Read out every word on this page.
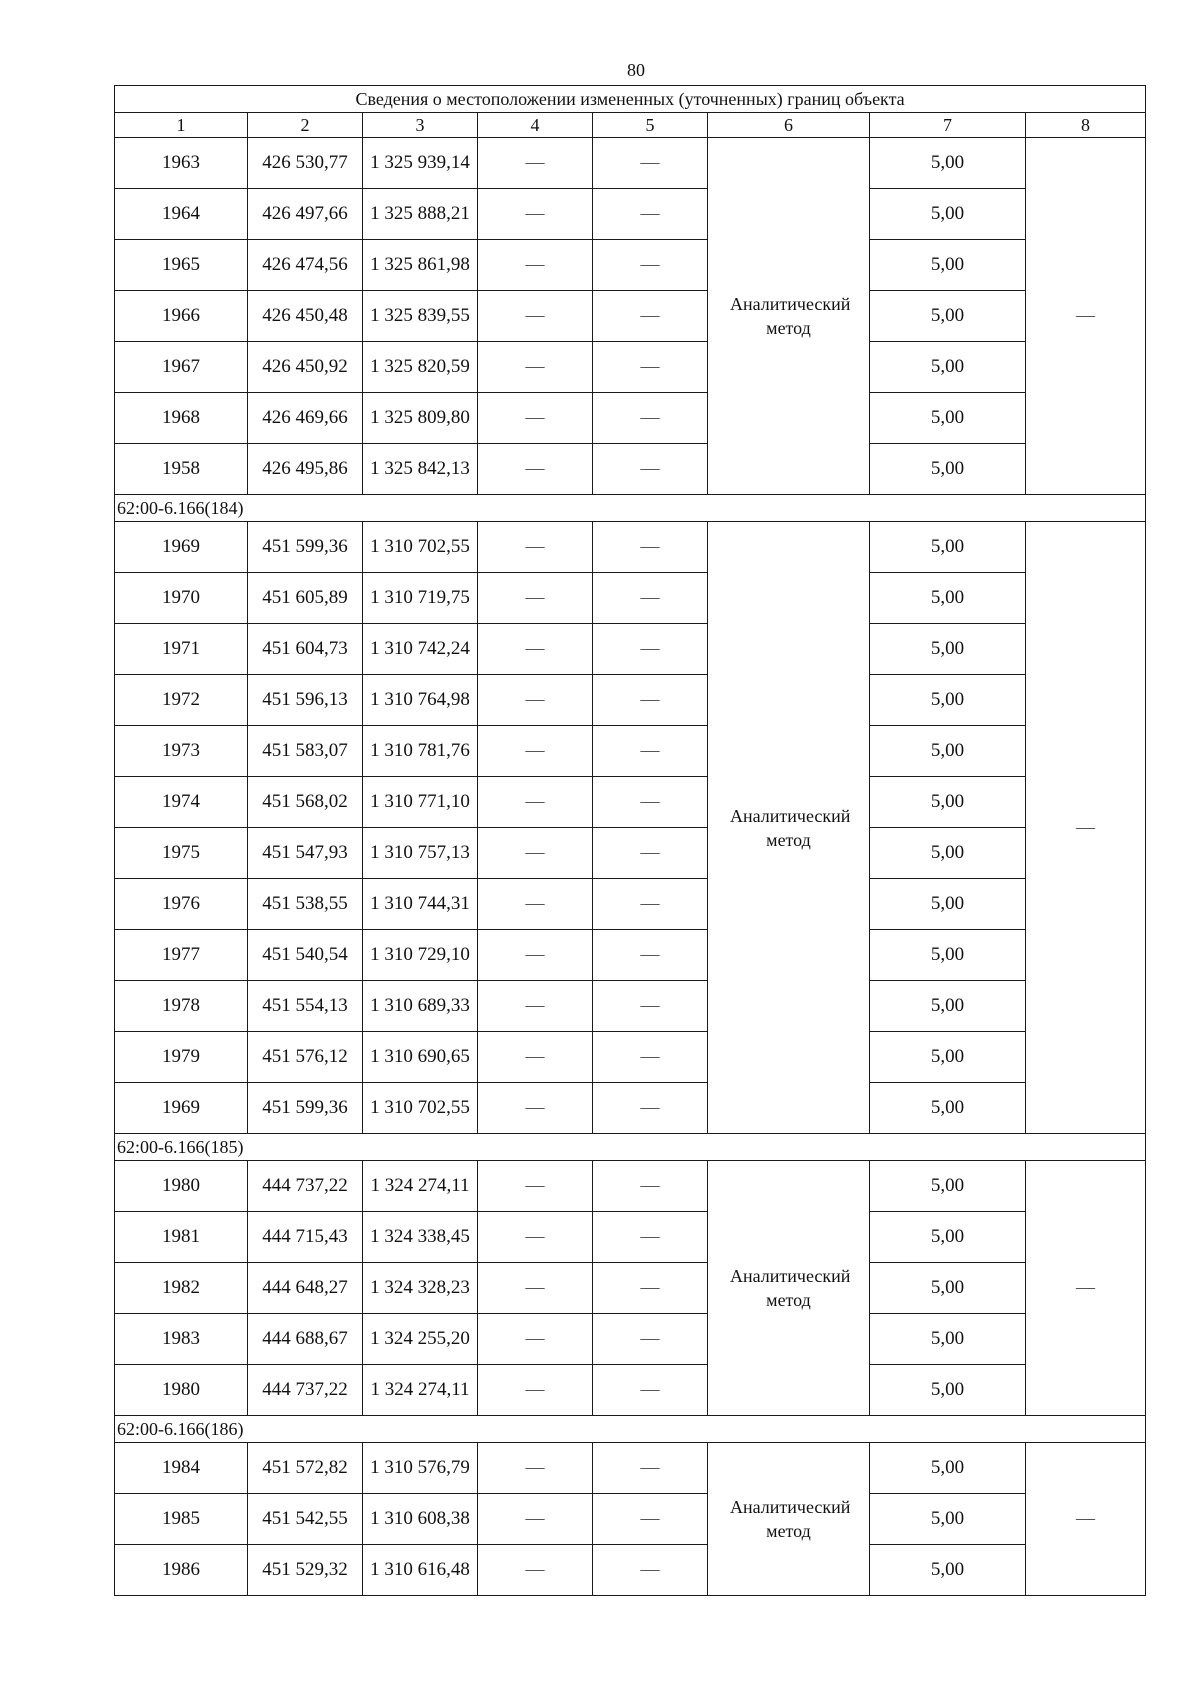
80
Сведения о местоположении измененных (уточненных) границ объекта							
1	2	3	4	5	6	7	8
1963	426 530,77	1 325 939,14	—	—	Аналитический метод	5,00	—
1964	426 497,66	1 325 888,21	—	—		5,00	
1965	426 474,56	1 325 861,98	—	—		5,00	
1966	426 450,48	1 325 839,55	—	—		5,00	
1967	426 450,92	1 325 820,59	—	—		5,00	
1968	426 469,66	1 325 809,80	—	—		5,00	
1958	426 495,86	1 325 842,13	—	—		5,00	
62:00-6.166(184)							
1969	451 599,36	1 310 702,55	—	—	Аналитический метод	5,00	—
1970	451 605,89	1 310 719,75	—	—		5,00	
1971	451 604,73	1 310 742,24	—	—		5,00	
1972	451 596,13	1 310 764,98	—	—		5,00	
1973	451 583,07	1 310 781,76	—	—		5,00	
1974	451 568,02	1 310 771,10	—	—		5,00	
1975	451 547,93	1 310 757,13	—	—		5,00	
1976	451 538,55	1 310 744,31	—	—		5,00	
1977	451 540,54	1 310 729,10	—	—		5,00	
1978	451 554,13	1 310 689,33	—	—		5,00	
1979	451 576,12	1 310 690,65	—	—		5,00	
1969	451 599,36	1 310 702,55	—	—		5,00	
62:00-6.166(185)							
1980	444 737,22	1 324 274,11	—	—	Аналитический метод	5,00	—
1981	444 715,43	1 324 338,45	—	—		5,00	
1982	444 648,27	1 324 328,23	—	—		5,00	
1983	444 688,67	1 324 255,20	—	—		5,00	
1980	444 737,22	1 324 274,11	—	—		5,00	
62:00-6.166(186)							
1984	451 572,82	1 310 576,79	—	—	Аналитический метод	5,00	—
1985	451 542,55	1 310 608,38	—	—		5,00	
1986	451 529,32	1 310 616,48	—	—		5,00	
